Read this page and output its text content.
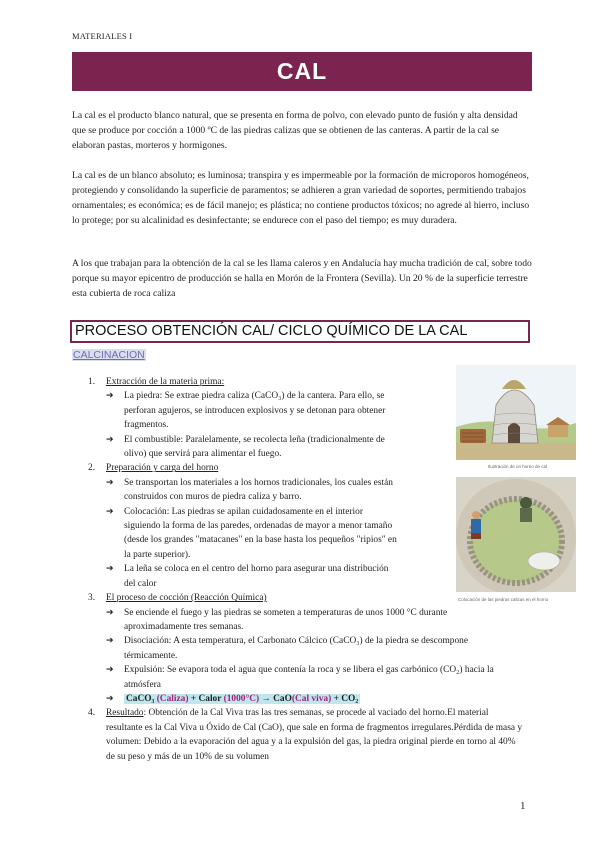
MATERIALES I
CAL

La cal es el producto blanco natural, que se presenta en forma de polvo, con elevado punto de fusión y alta densidad que se produce por cocción a 1000 ºC de las piedras calizas que se obtienen de las canteras. A partir de la cal se elaboran pastas, morteros y hormigones.

La cal es de un blanco absoluto; es luminosa; transpira y es impermeable por la formación de microporos homogéneos, protegiendo y consolidando la superficie de paramentos; se adhieren a gran variedad de soportes, permitiendo trabajos ornamentales; es económica; es de fácil manejo; es plástica; no contiene productos tóxicos; no agrede al hierro, incluso lo protege; por su alcalinidad es desinfectante; se endurece con el paso del tiempo; es muy duradera.

A los que trabajan para la obtención de la cal se les llama caleros y en Andalucía hay mucha tradición de cal, sobre todo porque su mayor epicentro de producción se halla en Morón de la Frontera (Sevilla). Un 20 % de la superficie terrestre esta cubierta de roca caliza

PROCESO OBTENCIÓN CAL/ CICLO QUÍMICO DE LA CAL
CALCINACION
1. Extracción de la materia prima:
➔ La piedra: Se extrae piedra caliza (CaCO₃) de la cantera. Para ello, se perforan agujeros, se introducen explosivos y se detonan para obtener fragmentos.
➔ El combustible: Paralelamente, se recolecta leña (tradicionalmente de olivo) que servirá para alimentar el fuego.
2. Preparación y carga del horno
➔ Se transportan los materiales a los hornos tradicionales, los cuales están construidos con muros de piedra caliza y barro.
➔ Colocación: Las piedras se apilan cuidadosamente en el interior siguiendo la forma de las paredes, ordenadas de mayor a menor tamaño (desde los grandes "matacanes" en la base hasta los pequeños "ripios" en la parte superior).
➔ La leña se coloca en el centro del horno para asegurar una distribución del calor
3. El proceso de cocción (Reacción Química)
➔ Se enciende el fuego y las piedras se someten a temperaturas de unos 1000 °C durante aproximadamente tres semanas.
➔ Disociación: A esta temperatura, el Carbonato Cálcico (CaCO₃) de la piedra se descompone térmicamente.
➔ Expulsión: Se evapora toda el agua que contenía la roca y se libera el gas carbónico (CO₂) hacia la atmósfera
➔ CaCO₃ (Caliza) + Calor (1000°C) → CaO(Cal viva) + CO₂
4. Resultado: Obtención de la Cal Viva tras las tres semanas, se procede al vaciado del horno.El material resultante es la Cal Viva u Óxido de Cal (CaO), que sale en forma de fragmentos irregulares.Pérdida de masa y volumen: Debido a la evaporación del agua y a la expulsión del gas, la piedra original pierde en torno al 40% de su peso y más de un 10% de su volumen
Ilustración de un horno de cal
Colocación de las piedras calizas en el horno
1
